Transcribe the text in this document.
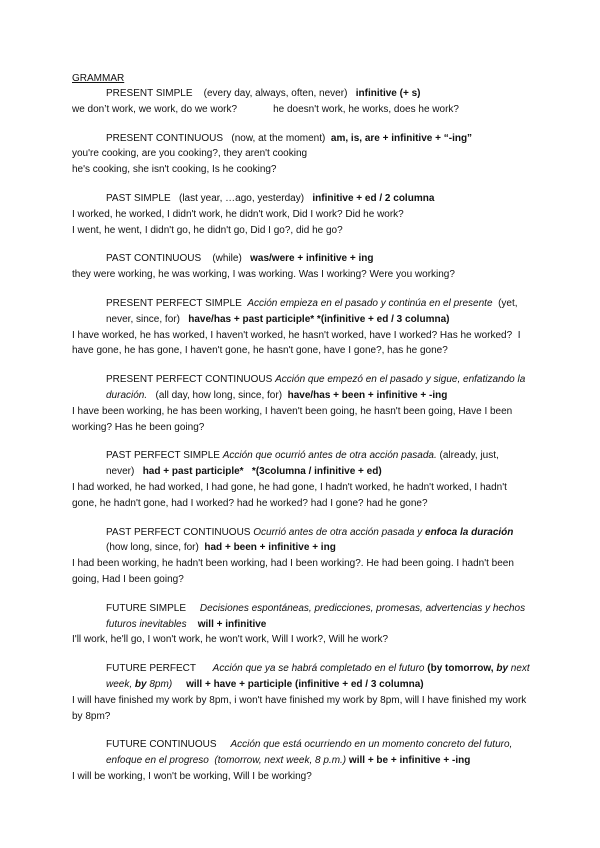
GRAMMAR
PRESENT SIMPLE (every day, always, often, never) infinitive (+ s)
we don’t work, we work, do we work?	he doesn't work, he works, does he work?
PRESENT CONTINUOUS (now, at the moment) am, is, are + infinitive + “-ing”
you're cooking, are you cooking?, they aren't cooking
he's cooking, she isn't cooking, Is he cooking?
PAST SIMPLE (last year, …ago, yesterday) infinitive + ed / 2 columna
I worked, he worked, I didn't work, he didn't work, Did I work? Did he work?
I went, he went, I didn't go, he didn't go, Did I go?, did he go?
PAST CONTINUOUS (while) was/were + infinitive + ing
they were working, he was working, I was working. Was I working? Were you working?
PRESENT PERFECT SIMPLE Acción empieza en el pasado y continúa en el presente (yet, never, since, for) have/has + past participle* *(infinitive + ed / 3 columna)
I have worked, he has worked, I haven't worked, he hasn't worked, have I worked? Has he worked? I have gone, he has gone, I haven't gone, he hasn't gone, have I gone?, has he gone?
PRESENT PERFECT CONTINUOUS Acción que empezó en el pasado y sigue, enfatizando la duración. (all day, how long, since, for) have/has + been + infinitive + -ing
I have been working, he has been working, I haven't been going, he hasn't been going, Have I been working? Has he been going?
PAST PERFECT SIMPLE Acción que ocurrió antes de otra acción pasada. (already, just, never) had + past participle* *(3columna / infinitive + ed)
I had worked, he had worked, I had gone, he had gone, I hadn't worked, he hadn't worked, I hadn't gone, he hadn't gone, had I worked? had he worked? had I gone? had he gone?
PAST PERFECT CONTINUOUS Ocurrió antes de otra acción pasada y enfoca la duración  (how long, since, for) had + been + infinitive + ing
I had been working, he hadn't been working, had I been working?. He had been going. I hadn't been going, Had I been going?
FUTURE SIMPLE Decisiones espontáneas, predicciones, promesas, advertencias y hechos futuros inevitables will + infinitive
I'll work, he'll go, I won't work, he won't work, Will I work?, Will he work?
FUTURE PERFECT Acción que ya se habrá completado en el futuro (by tomorrow, by next week, by 8pm) will + have + participle (infinitive + ed / 3 columna)
I will have finished my work by 8pm, i won't have finished my work by 8pm, will I have finished my work by 8pm?
FUTURE CONTINUOUS Acción que está ocurriendo en un momento concreto del futuro, enfoque en el progreso (tomorrow, next week, 8 p.m.) will + be + infinitive + -ing
I will be working, I won't be working, Will I be working?
